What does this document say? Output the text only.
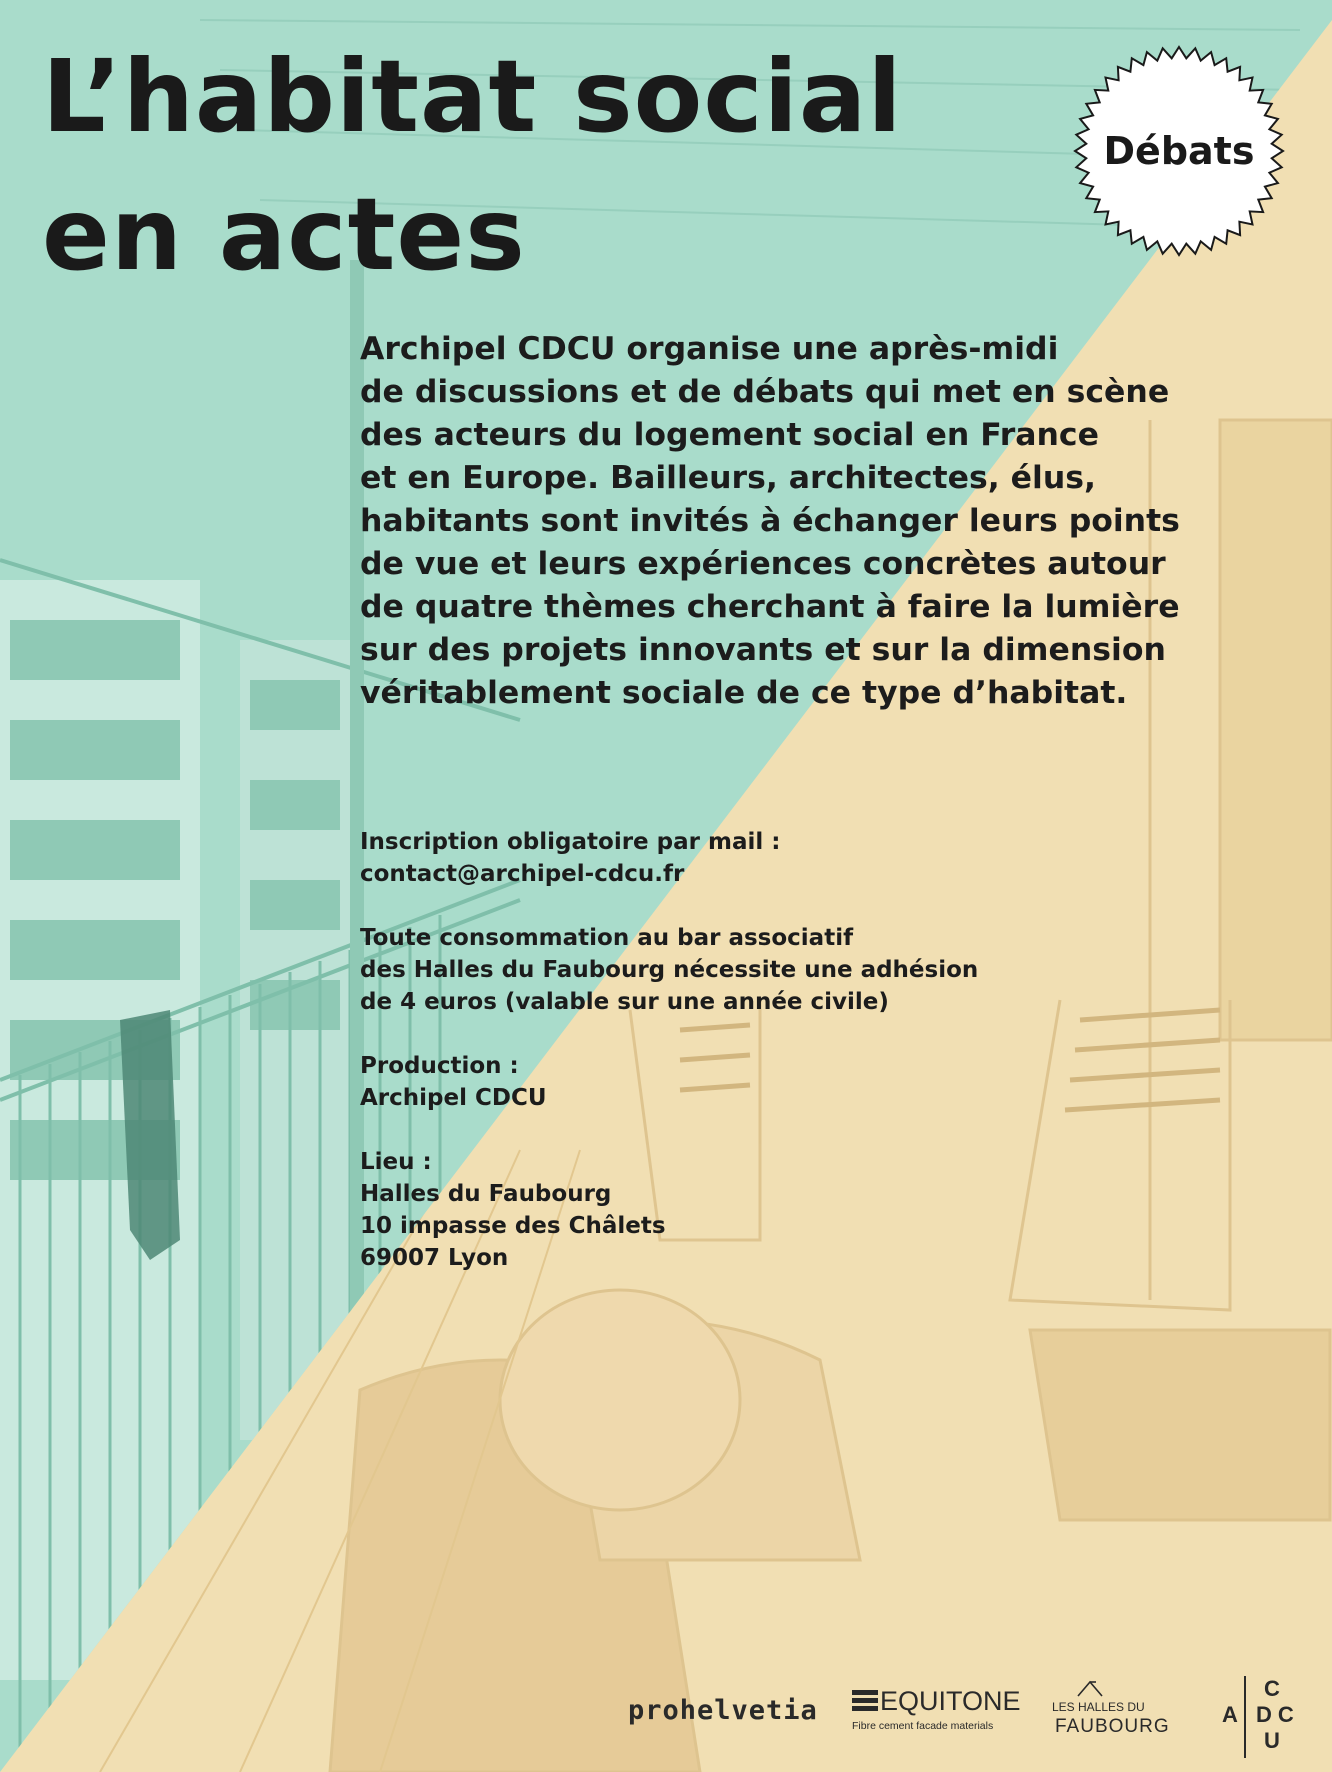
L’habitat social
en actes
Débats

Archipel CDCU organise une après-midi
de discussions et de débats qui met en scène
des acteurs du logement social en France
et en Europe. Bailleurs, architectes, élus,
habitants sont invités à échanger leurs points
de vue et leurs expériences concrètes autour
de quatre thèmes cherchant à faire la lumière
sur des projets innovants et sur la dimension
véritablement sociale de ce type d’habitat.

Inscription obligatoire par mail :
contact@archipel-cdcu.fr
Toute consommation au bar associatif
des Halles du Faubourg nécessite une adhésion
de 4 euros (valable sur une année civile)
Production :
Archipel CDCU
Lieu :
Halles du Faubourg
10 impasse des Châlets
69007 Lyon
prohelvetia EQUITONE
Fibre cement facade materials
LES HALLES DU
FAUBOURG A
C
DC
U
